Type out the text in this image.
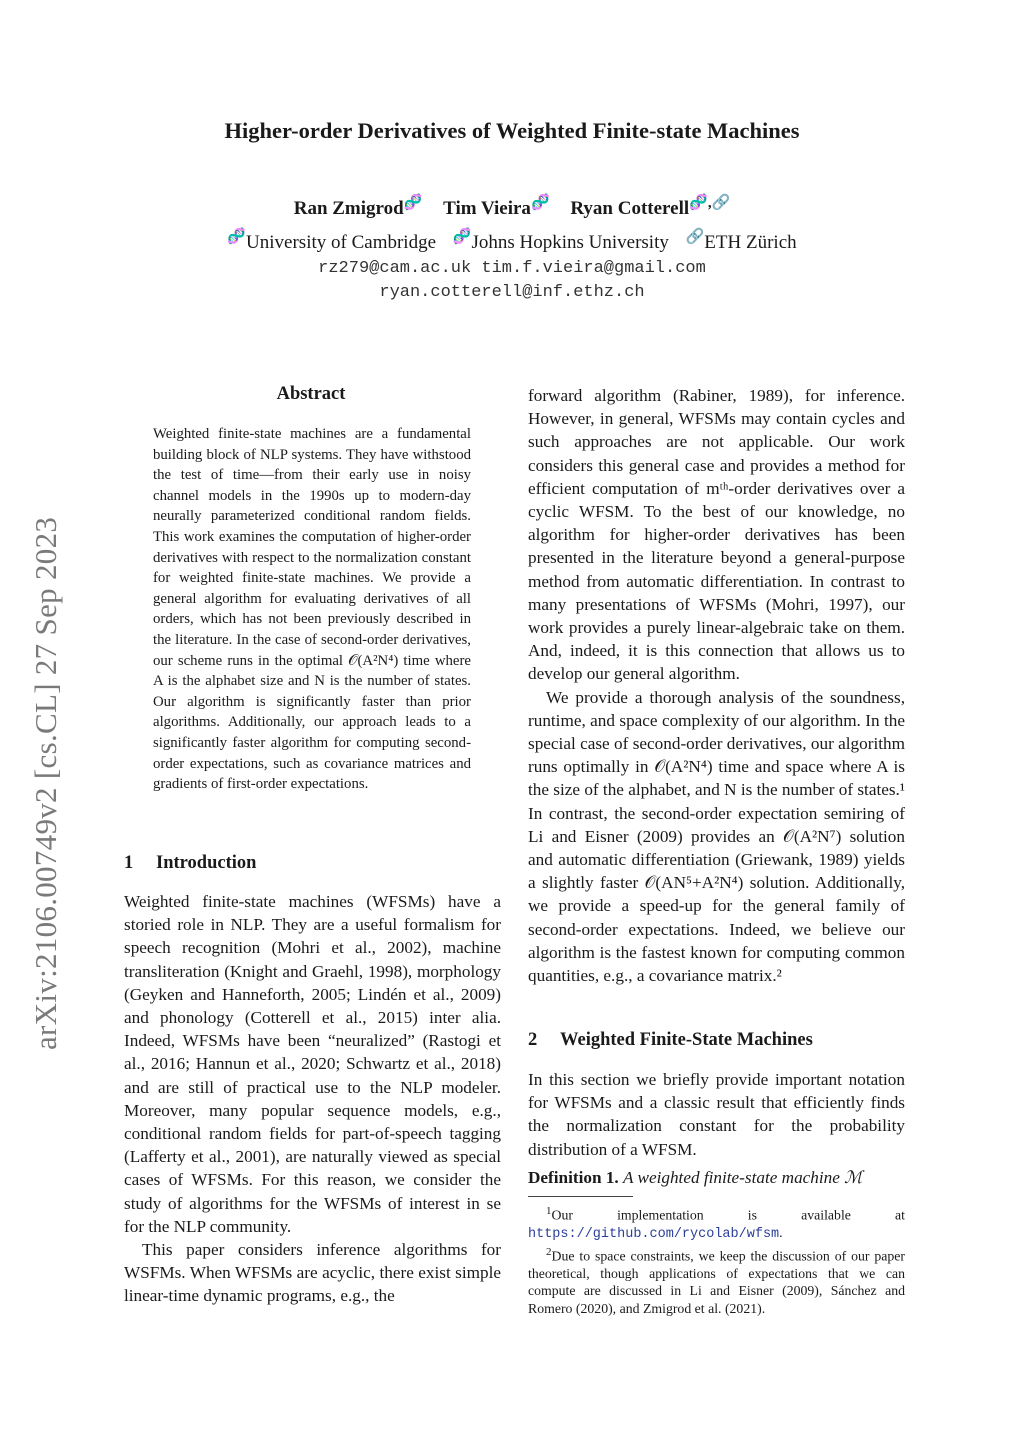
Higher-order Derivatives of Weighted Finite-state Machines
Ran Zmigrod🧬 Tim Vieira🧬 Ryan Cotterell🧬,🔗
🧬University of Cambridge 🧬Johns Hopkins University 🔗ETH Zürich
rz279@cam.ac.uk tim.f.vieira@gmail.com
ryan.cotterell@inf.ethz.ch
arXiv:2106.00749v2 [cs.CL] 27 Sep 2023
Abstract

Weighted finite-state machines are a fundamental building block of NLP systems. They have withstood the test of time—from their early use in noisy channel models in the 1990s up to modern-day neurally parameterized conditional random fields. This work examines the computation of higher-order derivatives with respect to the normalization constant for weighted finite-state machines. We provide a general algorithm for evaluating derivatives of all orders, which has not been previously described in the literature. In the case of second-order derivatives, our scheme runs in the optimal 𝒪(A²N⁴) time where A is the alphabet size and N is the number of states. Our algorithm is significantly faster than prior algorithms. Additionally, our approach leads to a significantly faster algorithm for computing second-order expectations, such as covariance matrices and gradients of first-order expectations.

1 Introduction

Weighted finite-state machines (WFSMs) have a storied role in NLP. They are a useful formalism for speech recognition (Mohri et al., 2002), machine transliteration (Knight and Graehl, 1998), morphology (Geyken and Hanneforth, 2005; Lindén et al., 2009) and phonology (Cotterell et al., 2015) inter alia. Indeed, WFSMs have been “neuralized” (Rastogi et al., 2016; Hannun et al., 2020; Schwartz et al., 2018) and are still of practical use to the NLP modeler. Moreover, many popular sequence models, e.g., conditional random fields for part-of-speech tagging (Lafferty et al., 2001), are naturally viewed as special cases of WFSMs. For this reason, we consider the study of algorithms for the WFSMs of interest in se for the NLP community.

This paper considers inference algorithms for WSFMs. When WFSMs are acyclic, there exist simple linear-time dynamic programs, e.g., the

forward algorithm (Rabiner, 1989), for inference. However, in general, WFSMs may contain cycles and such approaches are not applicable. Our work considers this general case and provides a method for efficient computation of mᵗʰ-order derivatives over a cyclic WFSM. To the best of our knowledge, no algorithm for higher-order derivatives has been presented in the literature beyond a general-purpose method from automatic differentiation. In contrast to many presentations of WFSMs (Mohri, 1997), our work provides a purely linear-algebraic take on them. And, indeed, it is this connection that allows us to develop our general algorithm.

We provide a thorough analysis of the soundness, runtime, and space complexity of our algorithm. In the special case of second-order derivatives, our algorithm runs optimally in 𝒪(A²N⁴) time and space where A is the size of the alphabet, and N is the number of states.¹ In contrast, the second-order expectation semiring of Li and Eisner (2009) provides an 𝒪(A²N⁷) solution and automatic differentiation (Griewank, 1989) yields a slightly faster 𝒪(AN⁵+A²N⁴) solution. Additionally, we provide a speed-up for the general family of second-order expectations. Indeed, we believe our algorithm is the fastest known for computing common quantities, e.g., a covariance matrix.²

2 Weighted Finite-State Machines

In this section we briefly provide important notation for WFSMs and a classic result that efficiently finds the normalization constant for the probability distribution of a WFSM.

Definition 1. A weighted finite-state machine ℳ

$^1$Our implementation is available at https://github.com/rycolab/wfsm.

$^2$Due to space constraints, we keep the discussion of our paper theoretical, though applications of expectations that we can compute are discussed in Li and Eisner (2009), Sánchez and Romero (2020), and Zmigrod et al. (2021).
